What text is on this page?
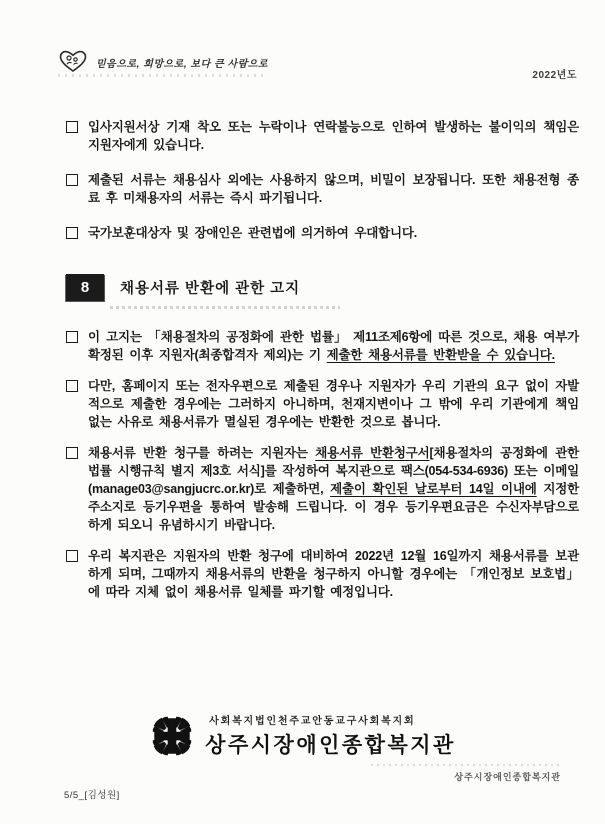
믿음으로, 희망으로, 보다 큰 사람으로
2022년도
입사지원서상 기재 착오 또는 누락이나 연락불능으로 인하여 발생하는 불이익의 책임은 지원자에게 있습니다.
제출된 서류는 채용심사 외에는 사용하지 않으며, 비밀이 보장됩니다. 또한 채용전형 종료 후 미채용자의 서류는 즉시 파기됩니다.
국가보훈대상자 및 장애인은 관련법에 의거하여 우대합니다.
8	채용서류 반환에 관한 고지
이 고지는 「채용절차의 공정화에 관한 법률」 제11조제6항에 따른 것으로, 채용 여부가 확정된 이후 지원자(최종합격자 제외)는 기 제출한 채용서류를 반환받을 수 있습니다.
다만, 홈페이지 또는 전자우편으로 제출된 경우나 지원자가 우리 기관의 요구 없이 자발적으로 제출한 경우에는 그러하지 아니하며, 천재지변이나 그 밖에 우리 기관에게 책임 없는 사유로 채용서류가 멸실된 경우에는 반환한 것으로 봅니다.
채용서류 반환 청구를 하려는 지원자는 채용서류 반환청구서[채용절차의 공정화에 관한 법률 시행규칙 별지 제3호 서식]를 작성하여 복지관으로 팩스(054-534-6936) 또는 이메일(manage03@sangjucrc.or.kr)로 제출하면, 제출이 확인된 날로부터 14일 이내에 지정한 주소지로 등기우편을 통하여 발송해 드립니다. 이 경우 등기우편요금은 수신자부담으로 하게 되오니 유념하시기 바랍니다.
우리 복지관은 지원자의 반환 청구에 대비하여 2022년 12월 16일까지 채용서류를 보관하게 되며, 그때까지 채용서류의 반환을 청구하지 아니할 경우에는 「개인정보 보호법」에 따라 지체 없이 채용서류 일체를 파기할 예정입니다.
사회복지법인천주교안동교구사회복지회
상주시장애인종합복지관
상주시장애인종합복지관
5/5_[김성원]
